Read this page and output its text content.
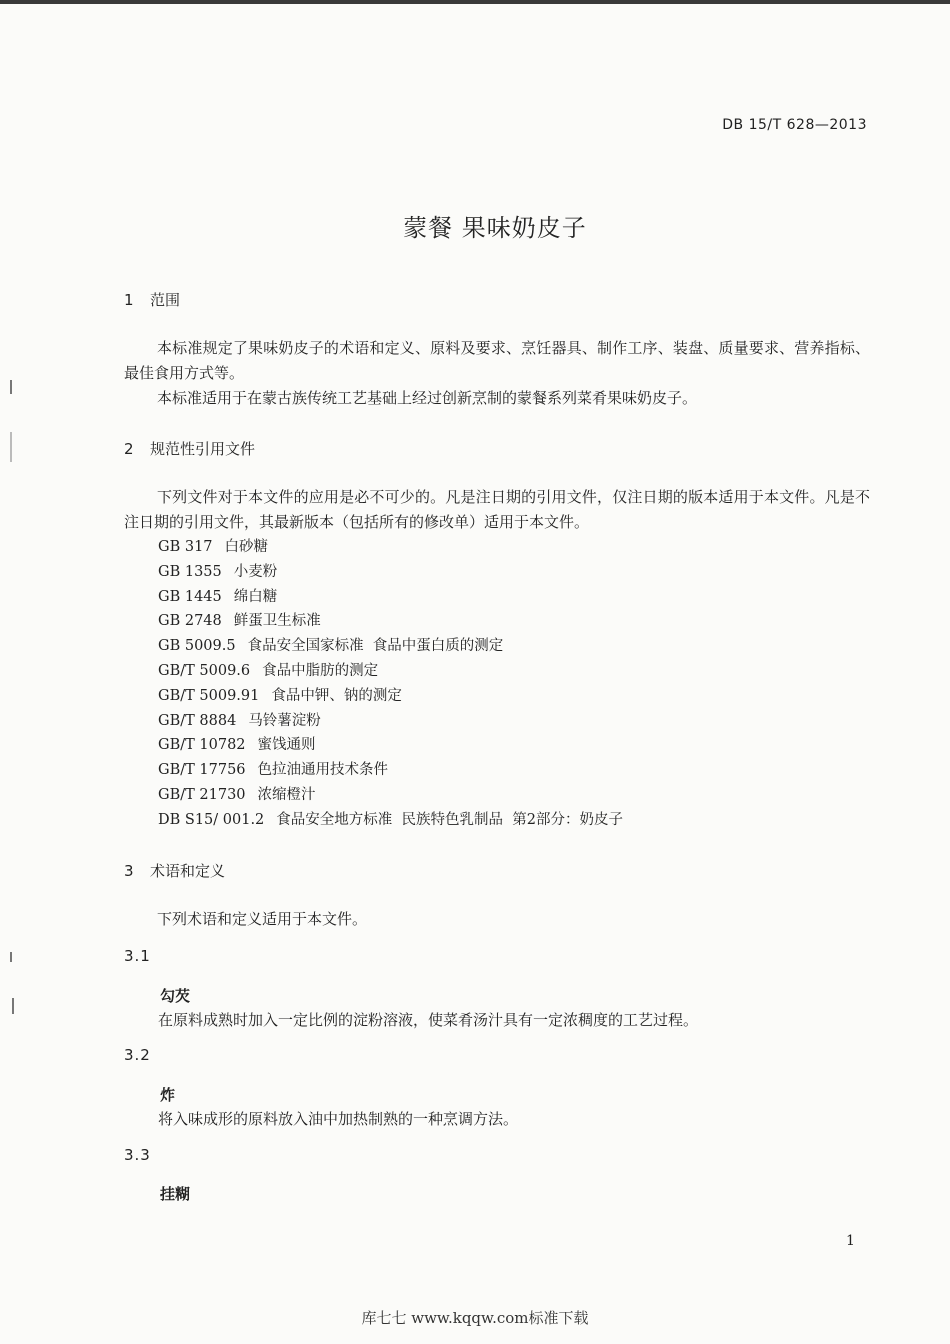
DB 15/T 628—2013
蒙餐 果味奶皮子
1 范围

本标准规定了果味奶皮子的术语和定义、原料及要求、烹饪器具、制作工序、装盘、质量要求、营养指标、最佳食用方式等。

本标准适用于在蒙古族传统工艺基础上经过创新烹制的蒙餐系列菜肴果味奶皮子。

2 规范性引用文件

下列文件对于本文件的应用是必不可少的。凡是注日期的引用文件，仅注日期的版本适用于本文件。凡是不注日期的引用文件，其最新版本（包括所有的修改单）适用于本文件。

GB 317 白砂糖
GB 1355 小麦粉
GB 1445 绵白糖
GB 2748 鲜蛋卫生标准
GB 5009.5 食品安全国家标准  食品中蛋白质的测定
GB/T 5009.6 食品中脂肪的测定
GB/T 5009.91 食品中钾、钠的测定
GB/T 8884 马铃薯淀粉
GB/T 10782 蜜饯通则
GB/T 17756 色拉油通用技术条件
GB/T 21730 浓缩橙汁
DB S15/ 001.2 食品安全地方标准  民族特色乳制品  第2部分：奶皮子
3 术语和定义

下列术语和定义适用于本文件。

3.1
勾芡
在原料成熟时加入一定比例的淀粉溶液，使菜肴汤汁具有一定浓稠度的工艺过程。
3.2
炸
将入味成形的原料放入油中加热制熟的一种烹调方法。
3.3
挂糊
1
库七七 www.kqqw.com标准下载
